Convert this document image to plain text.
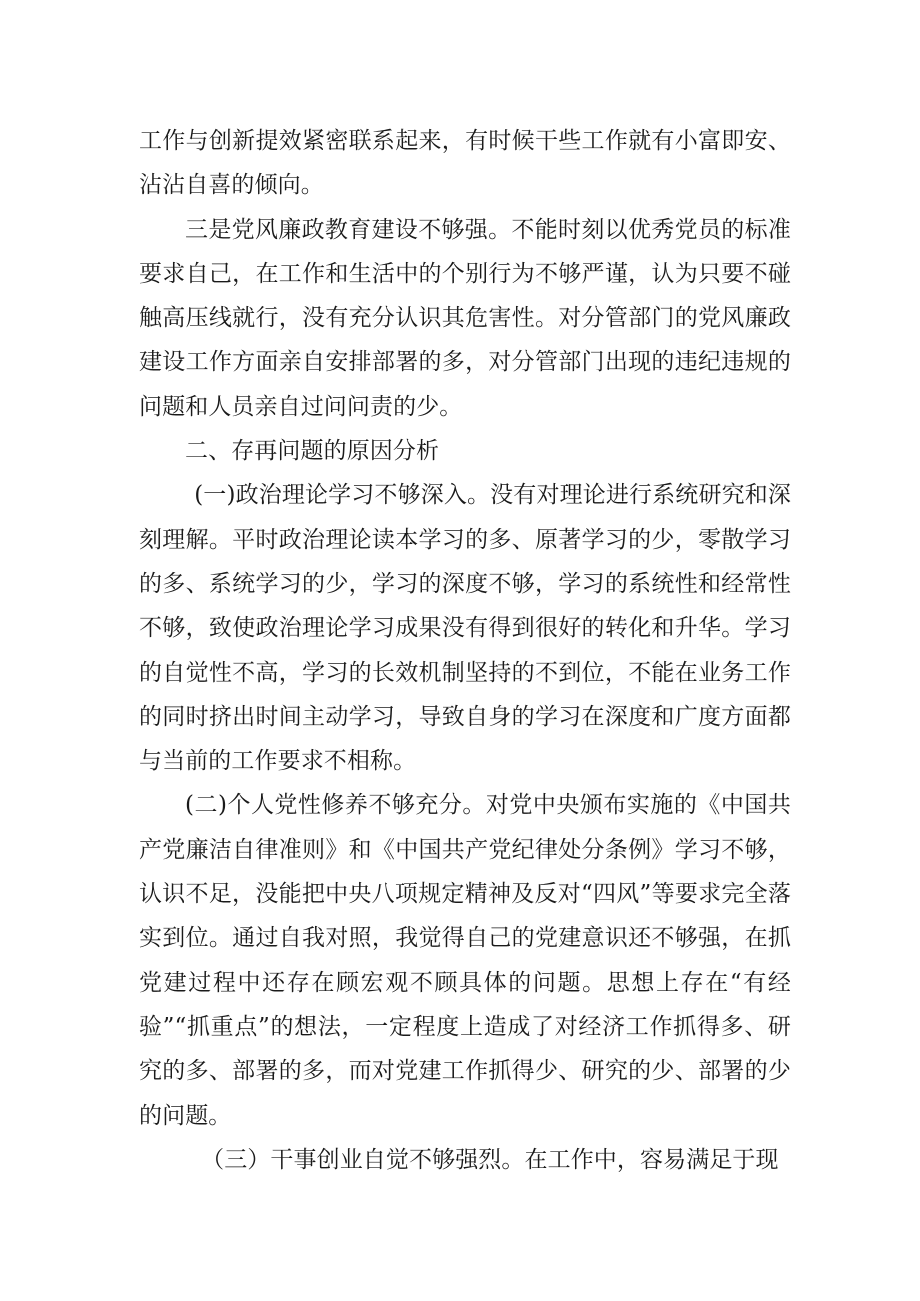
工作与创新提效紧密联系起来，有时候干些工作就有小富即安、沾沾自喜的倾向。

三是党风廉政教育建设不够强。不能时刻以优秀党员的标准要求自己，在工作和生活中的个别行为不够严谨，认为只要不碰触高压线就行，没有充分认识其危害性。对分管部门的党风廉政建设工作方面亲自安排部署的多，对分管部门出现的违纪违规的问题和人员亲自过问问责的少。

二、存再问题的原因分析

(一)政治理论学习不够深入。没有对理论进行系统研究和深刻理解。平时政治理论读本学习的多、原著学习的少，零散学习的多、系统学习的少，学习的深度不够，学习的系统性和经常性不够，致使政治理论学习成果没有得到很好的转化和升华。学习的自觉性不高，学习的长效机制坚持的不到位，不能在业务工作的同时挤出时间主动学习，导致自身的学习在深度和广度方面都与当前的工作要求不相称。

(二)个人党性修养不够充分。对党中央颁布实施的《中国共产党廉洁自律准则》和《中国共产党纪律处分条例》学习不够，认识不足，没能把中央八项规定精神及反对“四风”等要求完全落实到位。通过自我对照，我觉得自己的党建意识还不够强，在抓党建过程中还存在顾宏观不顾具体的问题。思想上存在“有经验”“抓重点”的想法，一定程度上造成了对经济工作抓得多、研究的多、部署的多，而对党建工作抓得少、研究的少、部署的少的问题。

（三）干事创业自觉不够强烈。在工作中，容易满足于现
